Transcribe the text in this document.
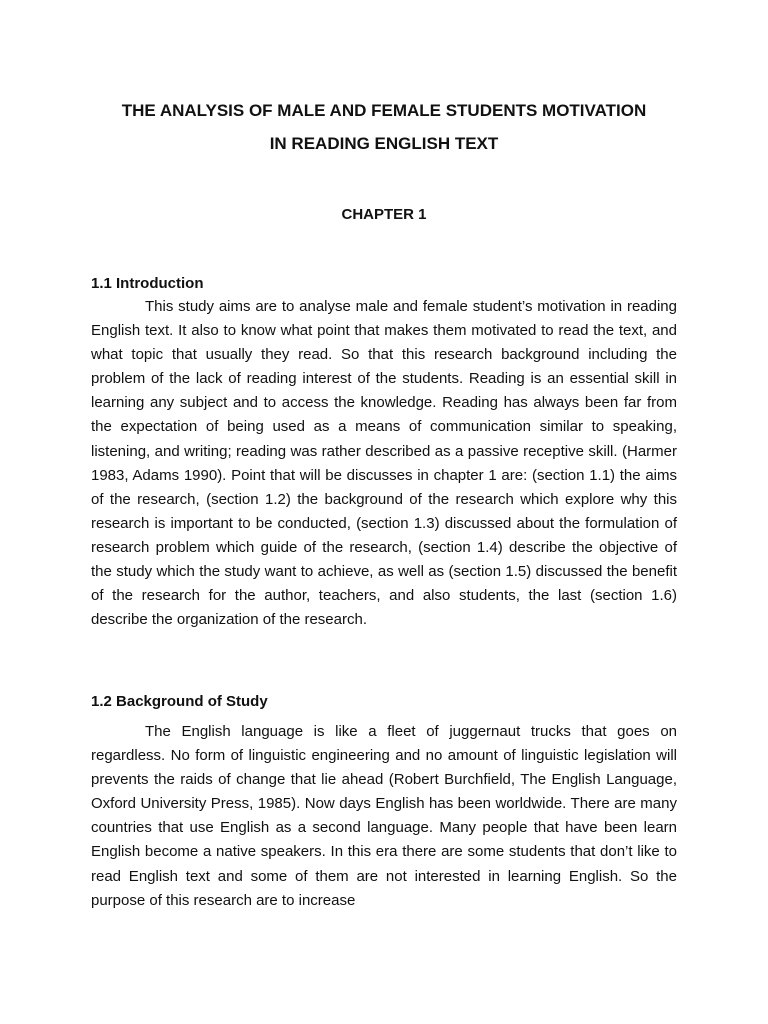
THE ANALYSIS OF MALE AND FEMALE STUDENTS MOTIVATION
IN READING ENGLISH TEXT

CHAPTER 1

1.1 Introduction

This study aims are to analyse male and female student’s motivation in reading English text. It also to know what point that makes them motivated to read the text, and what topic that usually they read. So that this research background including the problem of the lack of reading interest of the students. Reading is an essential skill in learning any subject and to access the knowledge. Reading has always been far from the expectation of being used as a means of communication similar to speaking, listening, and writing; reading was rather described as a passive receptive skill. (Harmer 1983, Adams 1990). Point that will be discusses in chapter 1 are: (section 1.1) the aims of the research, (section 1.2) the background of the research which explore why this research is important to be conducted, (section 1.3) discussed about the formulation of research problem which guide of the research, (section 1.4) describe the objective of the study which the study want to achieve, as well as (section 1.5) discussed the benefit of the research for the author, teachers, and also students, the last (section 1.6) describe the organization of the research.

1.2 Background of Study

The English language is like a fleet of juggernaut trucks that goes on regardless. No form of linguistic engineering and no amount of linguistic legislation will prevents the raids of change that lie ahead (Robert Burchfield, The English Language, Oxford University Press, 1985). Now days English has been worldwide. There are many countries that use English as a second language. Many people that have been learn English become a native speakers. In this era there are some students that don’t like to read English text and some of them are not interested in learning English. So the purpose of this research are to increase
